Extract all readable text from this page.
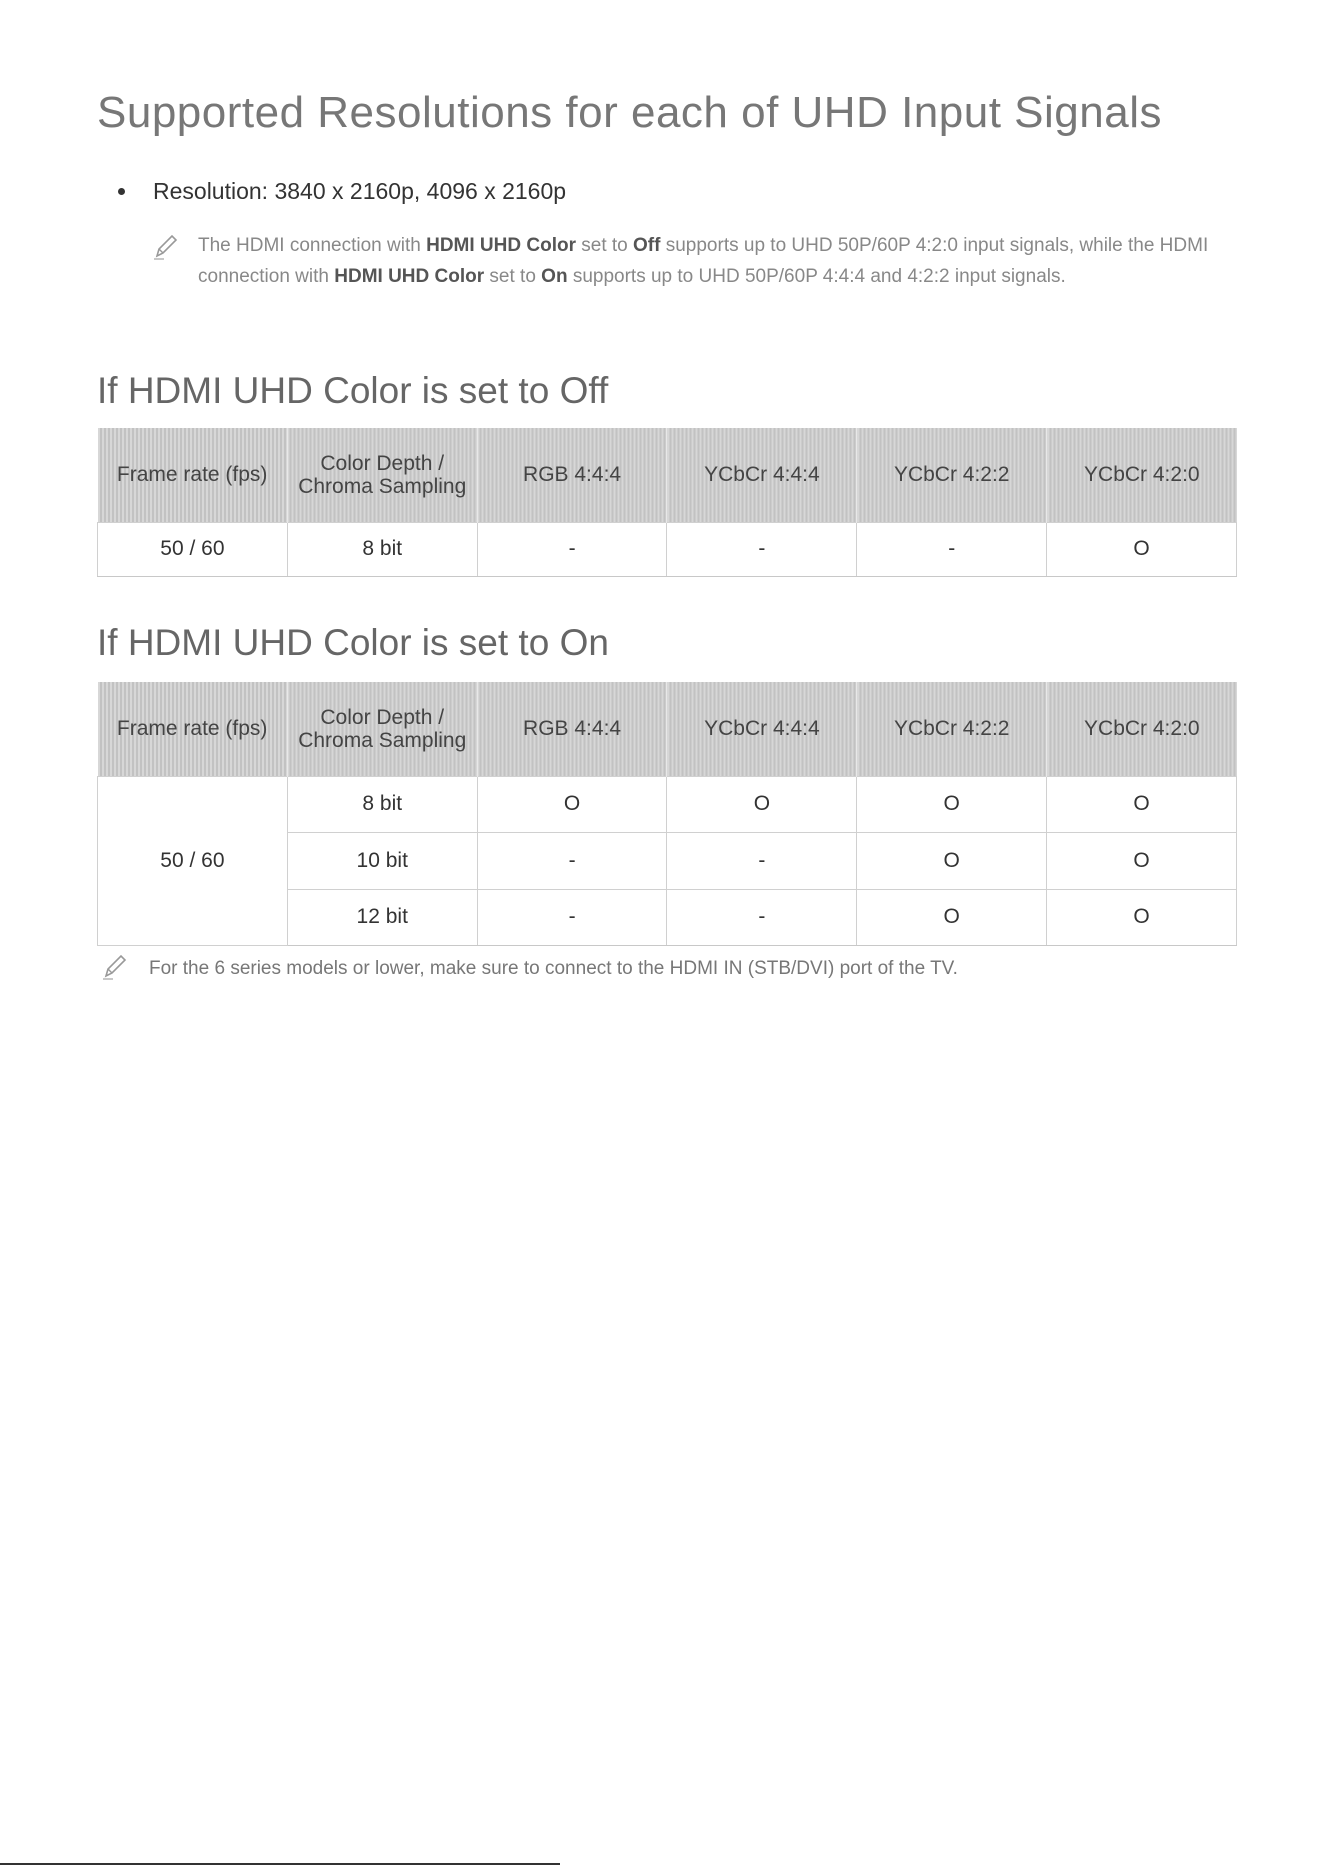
Supported Resolutions for each of UHD Input Signals
Resolution:
3840 x 2160p, 4096 x 2160p
The HDMI connection with HDMI UHD Color set to Off supports up to UHD 50P/60P 4:2:0 input signals, while the HDMI connection with HDMI UHD Color set to On supports up to UHD 50P/60P 4:4:4 and 4:2:2 input signals.
If HDMI UHD Color is set to Off
Frame rate (fps)	Color Depth / Chroma Sampling	RGB 4:4:4	YCbCr 4:4:4	YCbCr 4:2:2	YCbCr 4:2:0
50 / 60	8 bit	-	-	-	O
If HDMI UHD Color is set to On
Frame rate (fps)	Color Depth / Chroma Sampling	RGB 4:4:4	YCbCr 4:4:4	YCbCr 4:2:2	YCbCr 4:2:0
50 / 60	8 bit	O	O	O	O
	10 bit	-	-	O	O
	12 bit	-	-	O	O
For the 6 series models or lower, make sure to connect to the HDMI IN (STB/DVI) port of the TV.
